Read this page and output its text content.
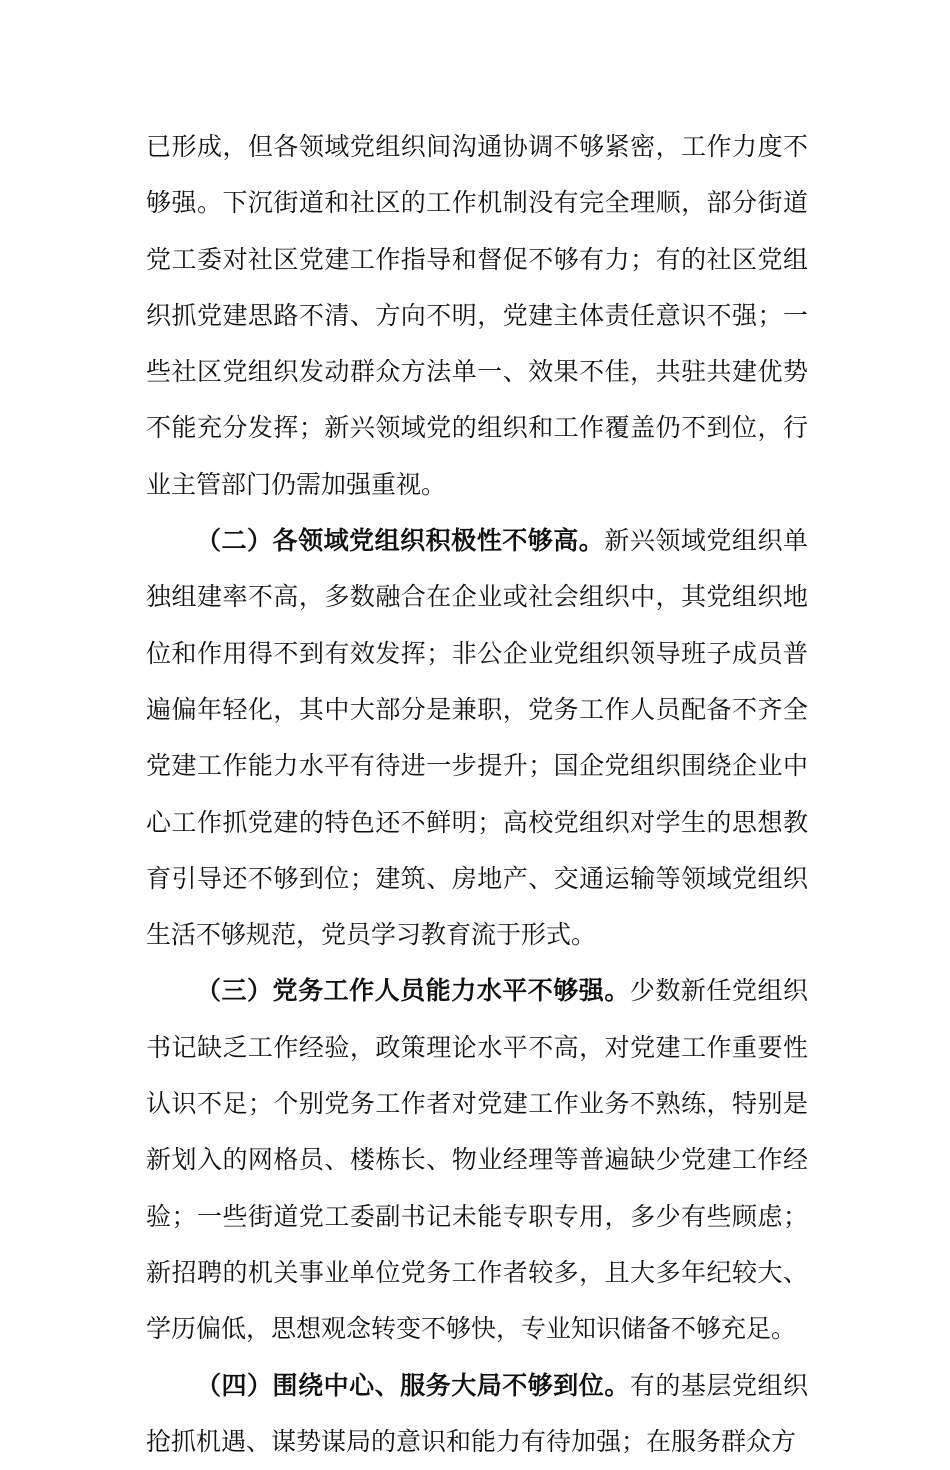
已形成，但各领域党组织间沟通协调不够紧密，工作力度不够强。下沉街道和社区的工作机制没有完全理顺，部分街道党工委对社区党建工作指导和督促不够有力；有的社区党组织抓党建思路不清、方向不明，党建主体责任意识不强；一些社区党组织发动群众方法单一、效果不佳，共驻共建优势不能充分发挥；新兴领域党的组织和工作覆盖仍不到位，行业主管部门仍需加强重视。

（二）各领域党组织积极性不够高。新兴领域党组织单独组建率不高，多数融合在企业或社会组织中，其党组织地位和作用得不到有效发挥；非公企业党组织领导班子成员普遍偏年轻化，其中大部分是兼职，党务工作人员配备不齐全党建工作能力水平有待进一步提升；国企党组织围绕企业中心工作抓党建的特色还不鲜明；高校党组织对学生的思想教育引导还不够到位；建筑、房地产、交通运输等领域党组织生活不够规范，党员学习教育流于形式。

（三）党务工作人员能力水平不够强。少数新任党组织书记缺乏工作经验，政策理论水平不高，对党建工作重要性认识不足；个别党务工作者对党建工作业务不熟练，特别是新划入的网格员、楼栋长、物业经理等普遍缺少党建工作经验；一些街道党工委副书记未能专职专用，多少有些顾虑；新招聘的机关事业单位党务工作者较多，且大多年纪较大、学历偏低，思想观念转变不够快，专业知识储备不够充足。

（四）围绕中心、服务大局不够到位。有的基层党组织抢抓机遇、谋势谋局的意识和能力有待加强；在服务群众方
